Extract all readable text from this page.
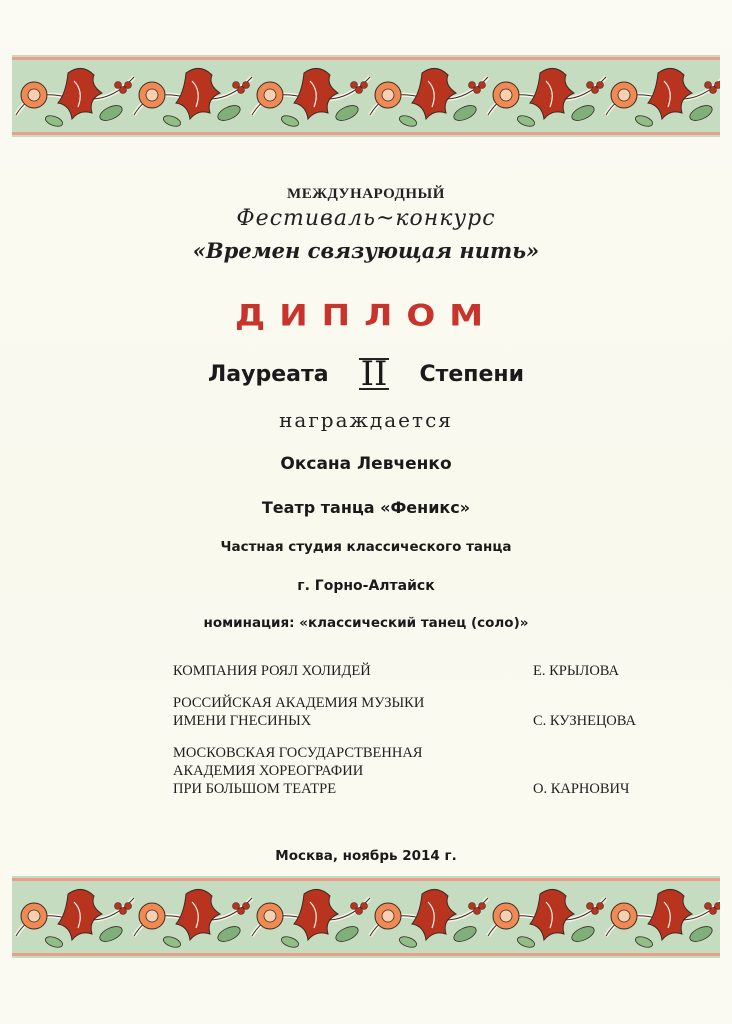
МЕЖДУНАРОДНЫЙ
Фестиваль~конкурс
«Времен связующая нить»
ДИПЛОМ
Лауреата II Степени
награждается
Оксана Левченко
Театр танца «Феникс»
Частная студия классического танца
г. Горно-Алтайск
номинация: «классический танец (соло)»
КОМПАНИЯ РОЯЛ ХОЛИДЕЙ	Е. КРЫЛОВА
РОССИЙСКАЯ АКАДЕМИЯ МУЗЫКИ
ИМЕНИ ГНЕСИНЫХ	С. КУЗНЕЦОВА
МОСКОВСКАЯ ГОСУДАРСТВЕННАЯ
АКАДЕМИЯ ХОРЕОГРАФИИ
ПРИ БОЛЬШОМ ТЕАТРЕ	О. КАРНОВИЧ
Москва, ноябрь 2014 г.
